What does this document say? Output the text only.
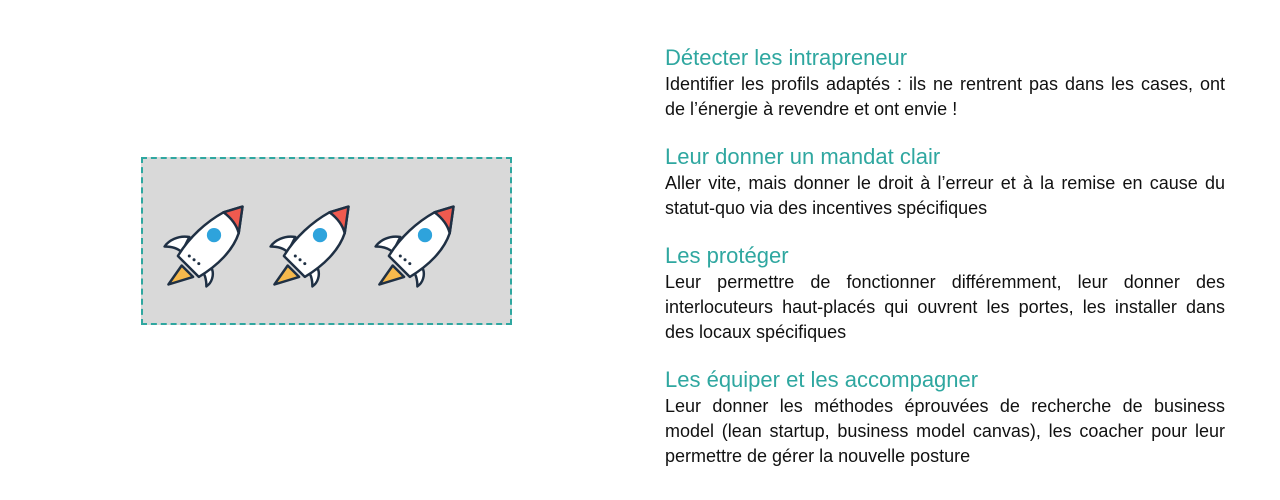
Détecter les intrapreneur

Identifier les profils adaptés : ils ne rentrent pas dans les cases, ont de l’énergie à revendre et ont envie !

Leur donner un mandat clair

Aller vite, mais donner le droit à l’erreur et à la remise en cause du statut-quo via des incentives spécifiques

Les protéger

Leur permettre de fonctionner différemment, leur donner des interlocuteurs haut-placés qui ouvrent les portes, les installer dans des locaux spécifiques

Les équiper et les accompagner

Leur donner les méthodes éprouvées de recherche de business model (lean startup, business model canvas), les coacher pour leur permettre de gérer la nouvelle posture
